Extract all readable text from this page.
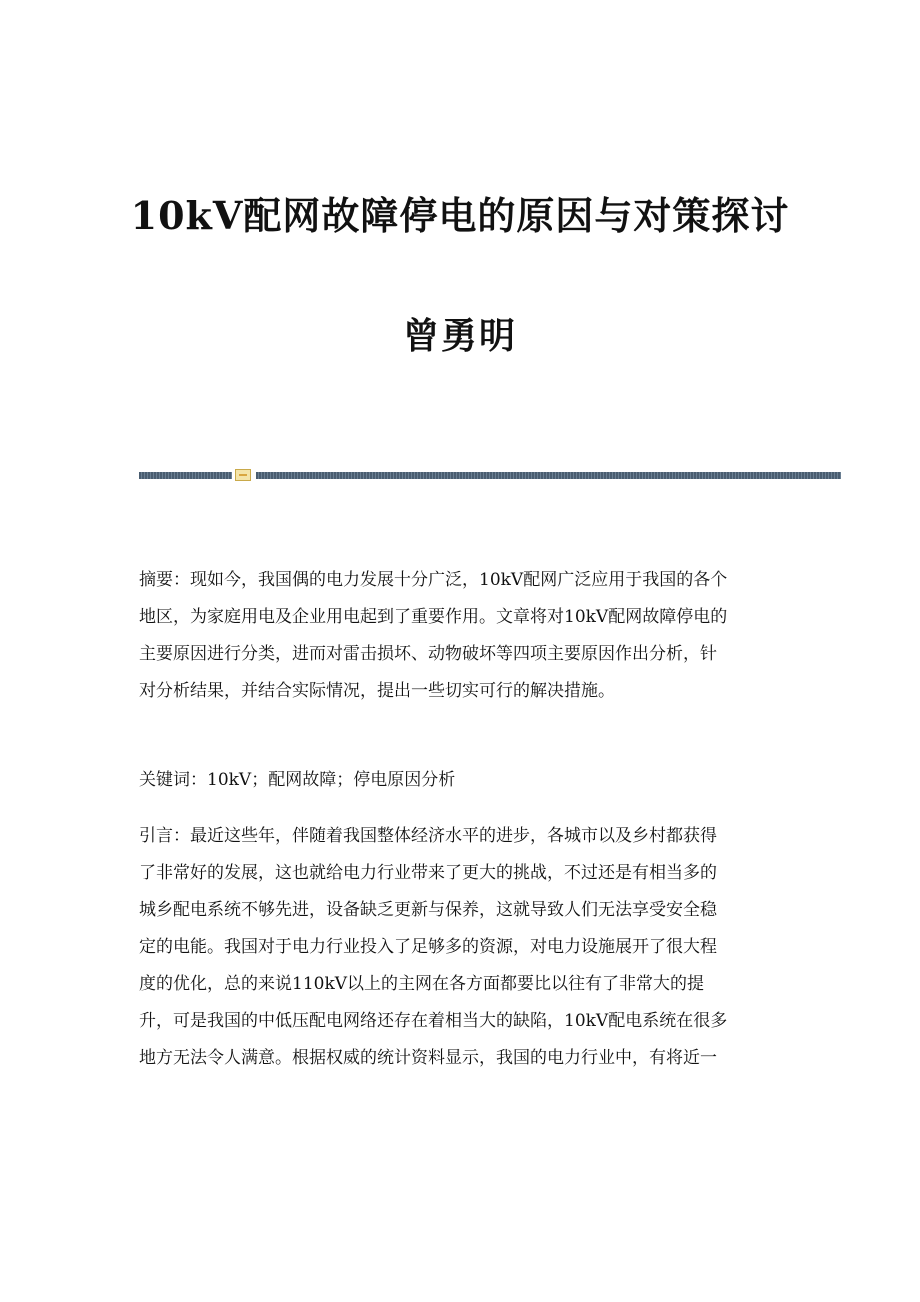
10kV配网故障停电的原因与对策探讨
曾勇明
摘要：现如今，我国偶的电力发展十分广泛，10kV配网广泛应用于我国的各个
地区，为家庭用电及企业用电起到了重要作用。文章将对10kV配网故障停电的
主要原因进行分类，进而对雷击损坏、动物破坏等四项主要原因作出分析，针
对分析结果，并结合实际情况，提出一些切实可行的解决措施。
关键词：10kV；配网故障；停电原因分析
引言：最近这些年，伴随着我国整体经济水平的进步，各城市以及乡村都获得
了非常好的发展，这也就给电力行业带来了更大的挑战，不过还是有相当多的
城乡配电系统不够先进，设备缺乏更新与保养，这就导致人们无法享受安全稳
定的电能。我国对于电力行业投入了足够多的资源，对电力设施展开了很大程
度的优化，总的来说110kV以上的主网在各方面都要比以往有了非常大的提
升，可是我国的中低压配电网络还存在着相当大的缺陷，10kV配电系统在很多
地方无法令人满意。根据权威的统计资料显示，我国的电力行业中，有将近一
